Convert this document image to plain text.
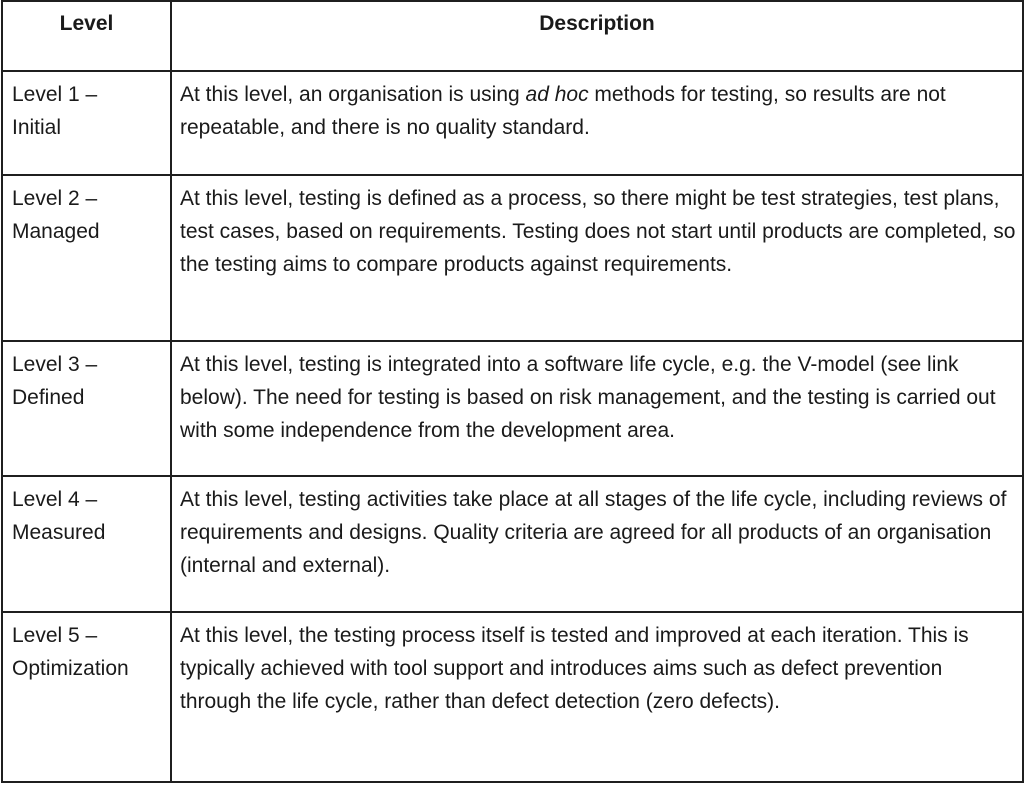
Level	Description

Level 1 –
Initial	At this level, an organisation is using ad hoc methods for testing, so results are not repeatable, and there is no quality standard.

Level 2 –
Managed	At this level, testing is defined as a process, so there might be test strategies, test plans, test cases, based on requirements. Testing does not start until products are completed, so the testing aims to compare products against requirements.

Level 3 –
Defined	At this level, testing is integrated into a software life cycle, e.g. the V-model (see link below). The need for testing is based on risk management, and the testing is carried out with some independence from the development area.

Level 4 –
Measured	At this level, testing activities take place at all stages of the life cycle, including reviews of requirements and designs. Quality criteria are agreed for all products of an organisation (internal and external).

Level 5 –
Optimization	At this level, the testing process itself is tested and improved at each iteration. This is typically achieved with tool support and introduces aims such as defect prevention through the life cycle, rather than defect detection (zero defects).
